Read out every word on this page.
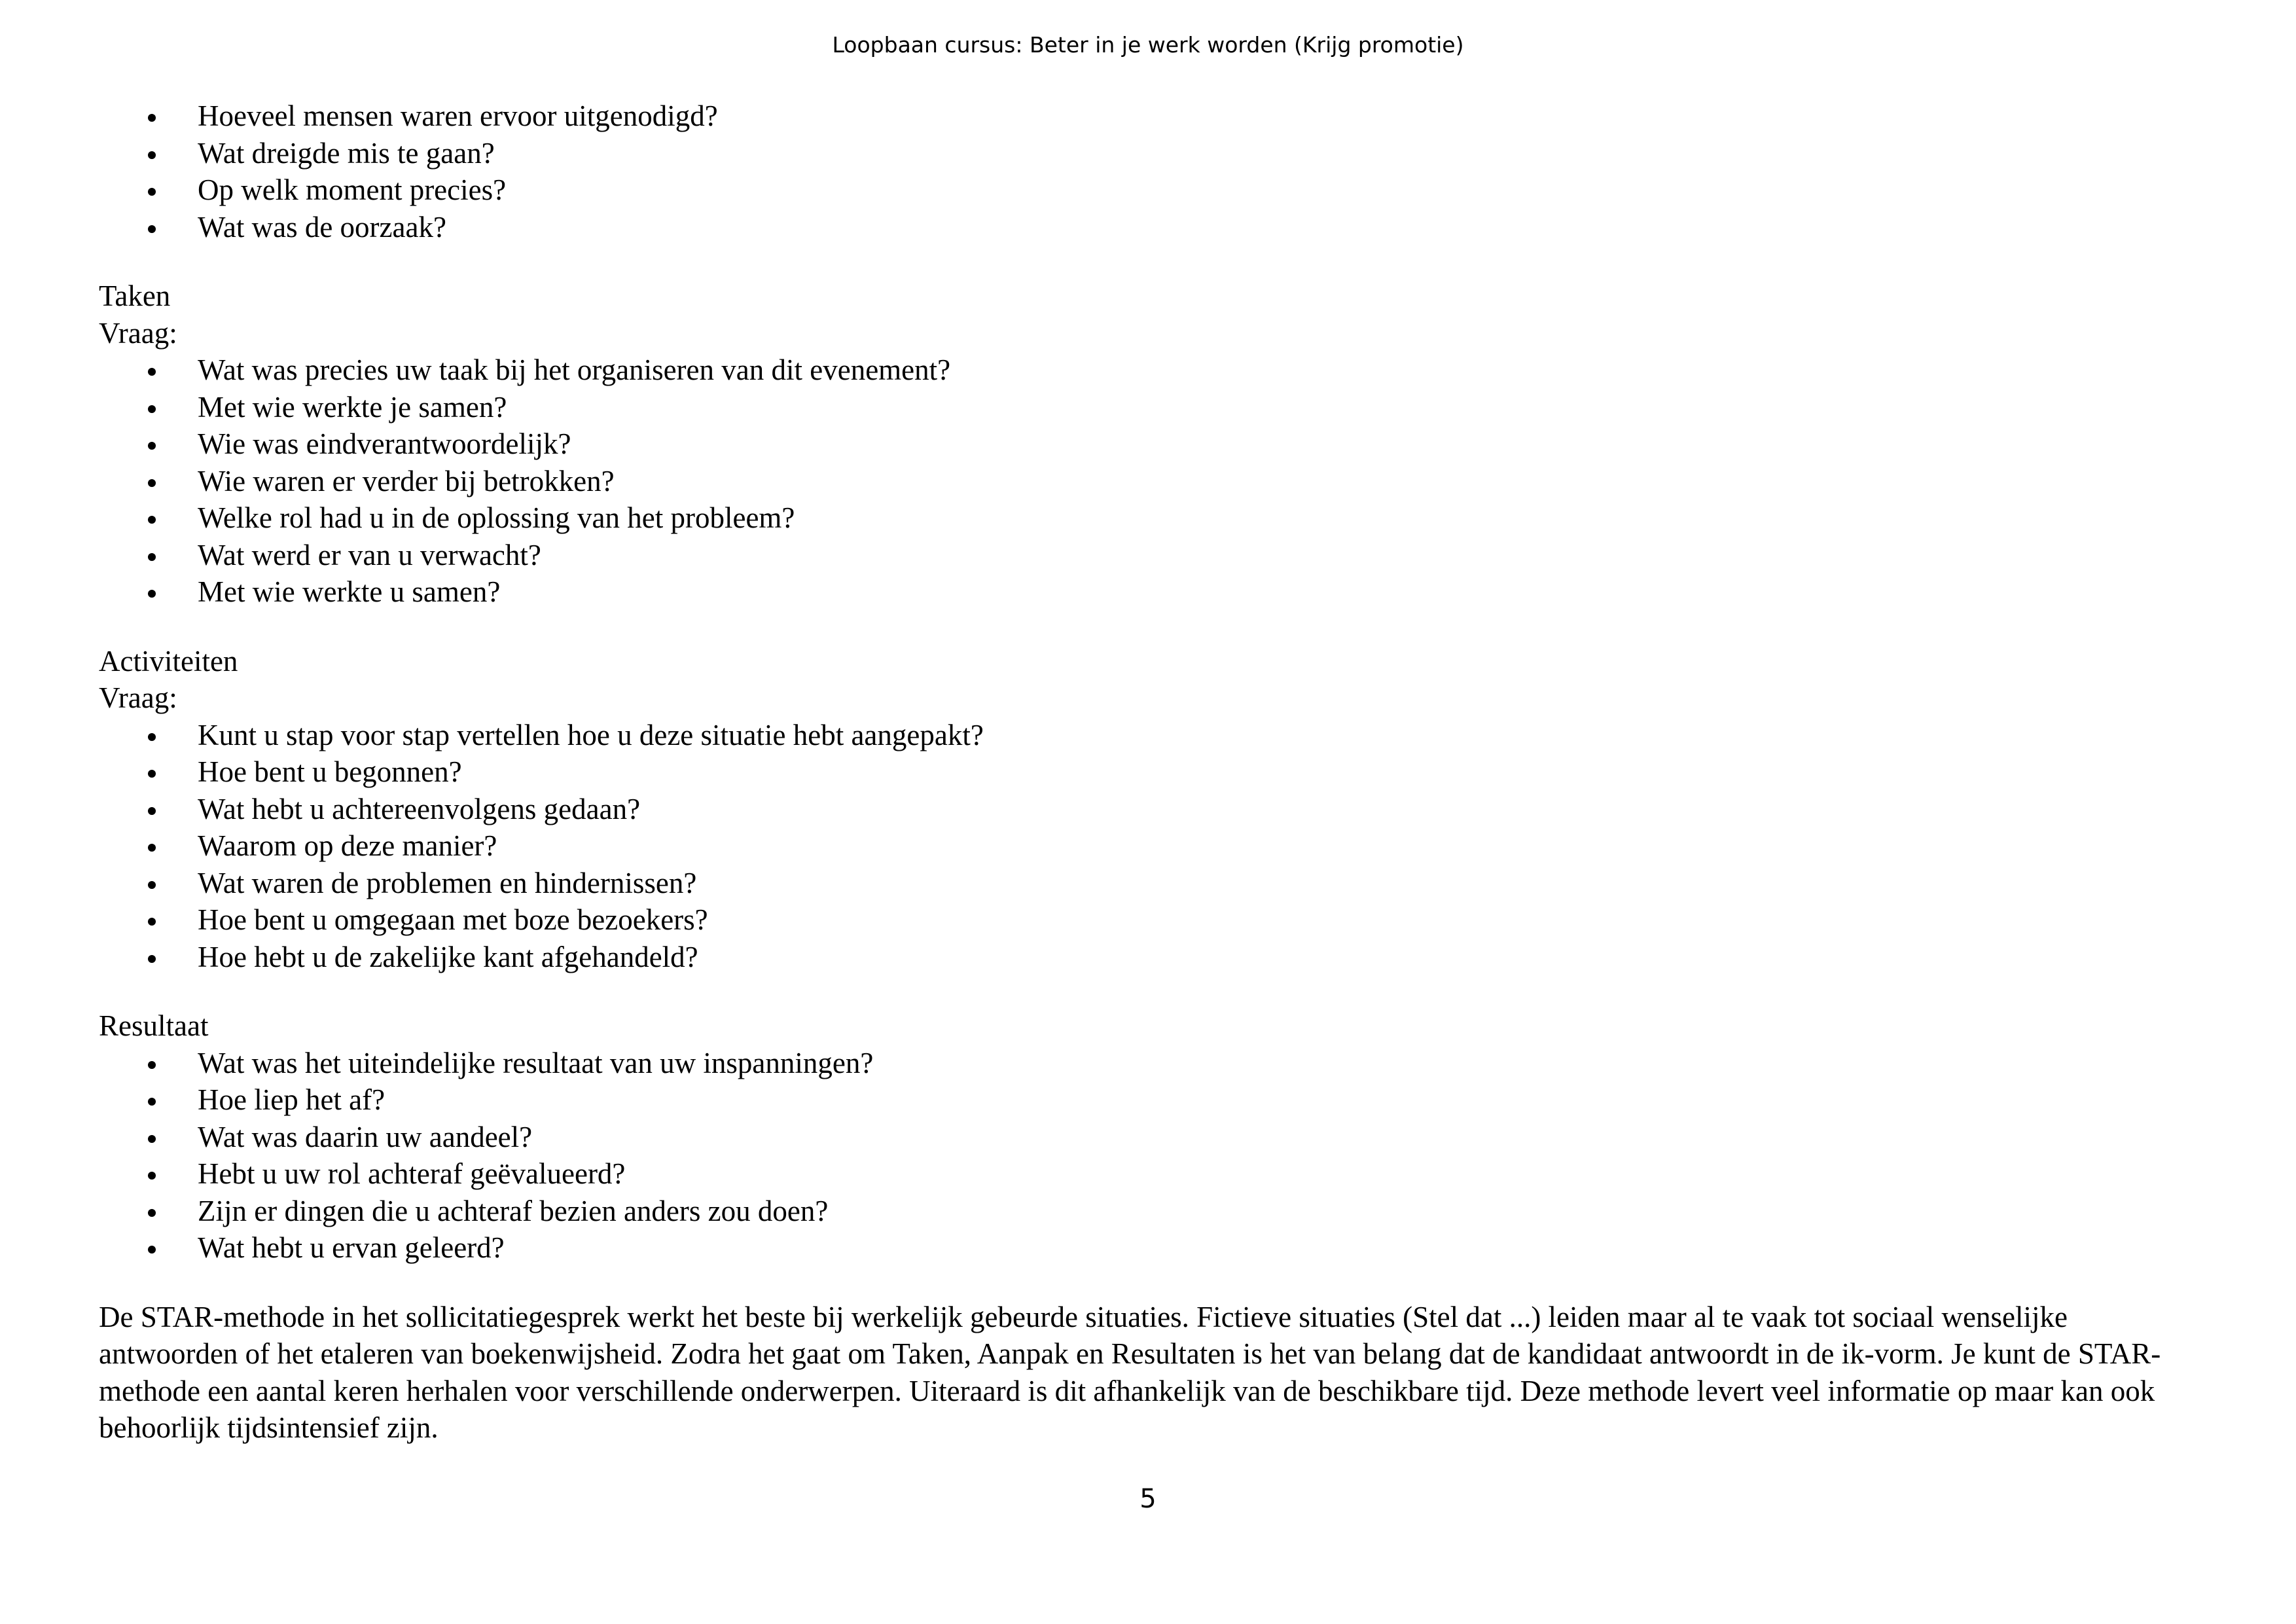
Loopbaan cursus: Beter in je werk worden (Krijg promotie)
Hoeveel mensen waren ervoor uitgenodigd?
Wat dreigde mis te gaan?
Op welk moment precies?
Wat was de oorzaak?
Taken
Vraag:
Wat was precies uw taak bij het organiseren van dit evenement?
Met wie werkte je samen?
Wie was eindverantwoordelijk?
Wie waren er verder bij betrokken?
Welke rol had u in de oplossing van het probleem?
Wat werd er van u verwacht?
Met wie werkte u samen?
Activiteiten
Vraag:
Kunt u stap voor stap vertellen hoe u deze situatie hebt aangepakt?
Hoe bent u begonnen?
Wat hebt u achtereenvolgens gedaan?
Waarom op deze manier?
Wat waren de problemen en hindernissen?
Hoe bent u omgegaan met boze bezoekers?
Hoe hebt u de zakelijke kant afgehandeld?
Resultaat
Wat was het uiteindelijke resultaat van uw inspanningen?
Hoe liep het af?
Wat was daarin uw aandeel?
Hebt u uw rol achteraf geëvalueerd?
Zijn er dingen die u achteraf bezien anders zou doen?
Wat hebt u ervan geleerd?

De STAR-methode in het sollicitatiegesprek werkt het beste bij werkelijk gebeurde situaties. Fictieve situaties (Stel dat ...) leiden maar al te vaak tot sociaal wenselijke antwoorden of het etaleren van boekenwijsheid. Zodra het gaat om Taken, Aanpak en Resultaten is het van belang dat de kandidaat antwoordt in de ik-vorm. Je kunt de STAR-methode een aantal keren herhalen voor verschillende onderwerpen. Uiteraard is dit afhankelijk van de beschikbare tijd. Deze methode levert veel informatie op maar kan ook behoorlijk tijdsintensief zijn.

5
